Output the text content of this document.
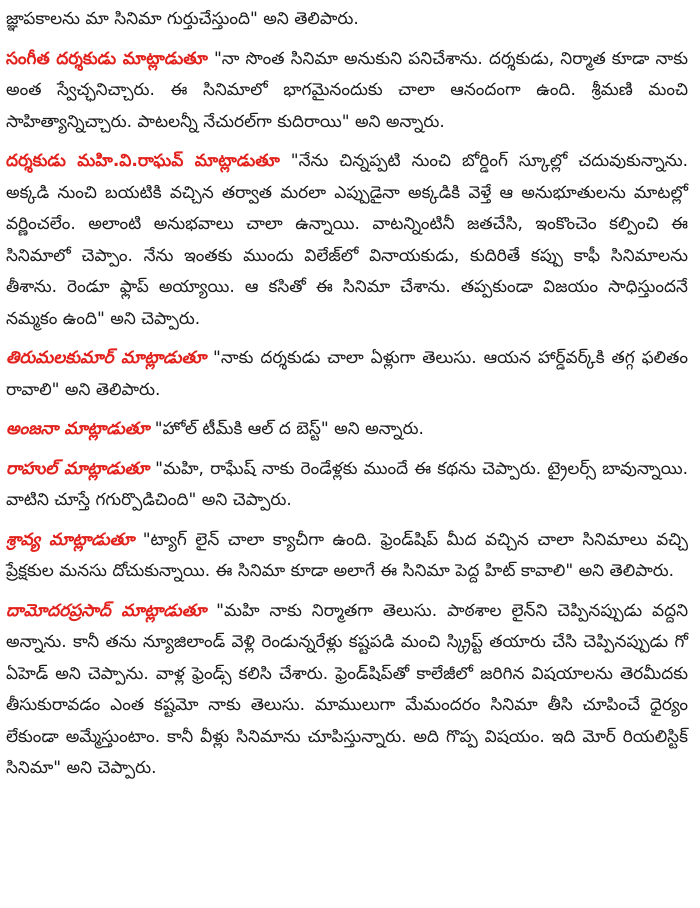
జ్ఞాపకాలను మా సినిమా గుర్తుచేస్తుంది" అని తెలిపారు.

సంగీత దర్శకుడు మాట్లాడుతూ "నా సొంత సినిమా అనుకుని పనిచేశాను. దర్శకుడు, నిర్మాత కూడా నాకు అంత స్వేచ్ఛనిచ్చారు. ఈ సినిమాలో భాగమైనందుకు చాలా ఆనందంగా ఉంది. శ్రీమణి మంచి సాహిత్యాన్నిచ్చారు. పాటలన్నీ నేచురల్‌గా కుదిరాయి" అని అన్నారు.

దర్శకుడు మహి.వి.రాఘవ్ మాట్లాడుతూ "నేను చిన్నప్పటి నుంచి బోర్డింగ్ స్కూల్లో చదువుకున్నాను. అక్కడి నుంచి బయటికి వచ్చిన తర్వాత మరలా ఎప్పుడైనా అక్కడికి వెళ్తే ఆ అనుభూతులను మాటల్లో వర్ణించలేం. అలాంటి అనుభవాలు చాలా ఉన్నాయి. వాటన్నింటినీ జతచేసి, ఇంకొంచెం కల్పించి ఈ సినిమాలో చెప్పాం. నేను ఇంతకు ముందు విలేజ్‌లో వినాయకుడు, కుదిరితే కప్పు కాఫీ సినిమాలను తీశాను. రెండూ ఫ్లాప్ అయ్యాయి. ఆ కసితో ఈ సినిమా చేశాను. తప్పకుండా విజయం సాధిస్తుందనే నమ్మకం ఉంది" అని చెప్పారు.

తిరుమలకుమార్ మాట్లాడుతూ "నాకు దర్శకుడు చాలా ఏళ్లుగా తెలుసు. ఆయన హార్డ్‌వర్క్‌కి తగ్గ ఫలితం రావాలి" అని తెలిపారు.

అంజనా మాట్లాడుతూ "హోల్ టీమ్‌కి ఆల్ ద బెస్ట్" అని అన్నారు.

రాహుల్ మాట్లాడుతూ "మహి, రాఘేష్ నాకు రెండేళ్లకు ముందే ఈ కథను చెప్పారు. ట్రైలర్స్ బావున్నాయి. వాటిని చూస్తే గగుర్పొడిచింది" అని చెప్పారు.

శ్రావ్య మాట్లాడుతూ "ట్యాగ్ లైన్ చాలా క్యాచీగా ఉంది. ఫ్రెండ్‌షిప్ మీద వచ్చిన చాలా సినిమాలు వచ్చి ప్రేక్షకుల మనసు దోచుకున్నాయి. ఈ సినిమా కూడా అలాగే ఈ సినిమా పెద్ద హిట్ కావాలి" అని తెలిపారు.

దామోదరప్రసాద్ మాట్లాడుతూ "మహి నాకు నిర్మాతగా తెలుసు. పాఠశాల లైన్‌ని చెప్పినప్పుడు వద్దని అన్నాను. కానీ తను న్యూజిలాండ్ వెళ్లి రెండున్నరేళ్లు కష్టపడి మంచి స్క్రిప్ట్ తయారు చేసి చెప్పినప్పుడు గో ఏహెడ్ అని చెప్పాను. వాళ్ల ఫ్రెండ్స్ కలిసి చేశారు. ఫ్రెండ్‌షిప్‌తో కాలేజీలో జరిగిన విషయాలను తెరమీదకు తీసుకురావడం ఎంత కష్టమో నాకు తెలుసు. మాములుగా మేమందరం సినిమా తీసి చూపించే ధైర్యం లేకుండా అమ్మేస్తుంటాం. కానీ వీళ్లు సినిమాను చూపిస్తున్నారు. అది గొప్ప విషయం. ఇది మోర్ రియలిస్టిక్ సినిమా" అని చెప్పారు.
